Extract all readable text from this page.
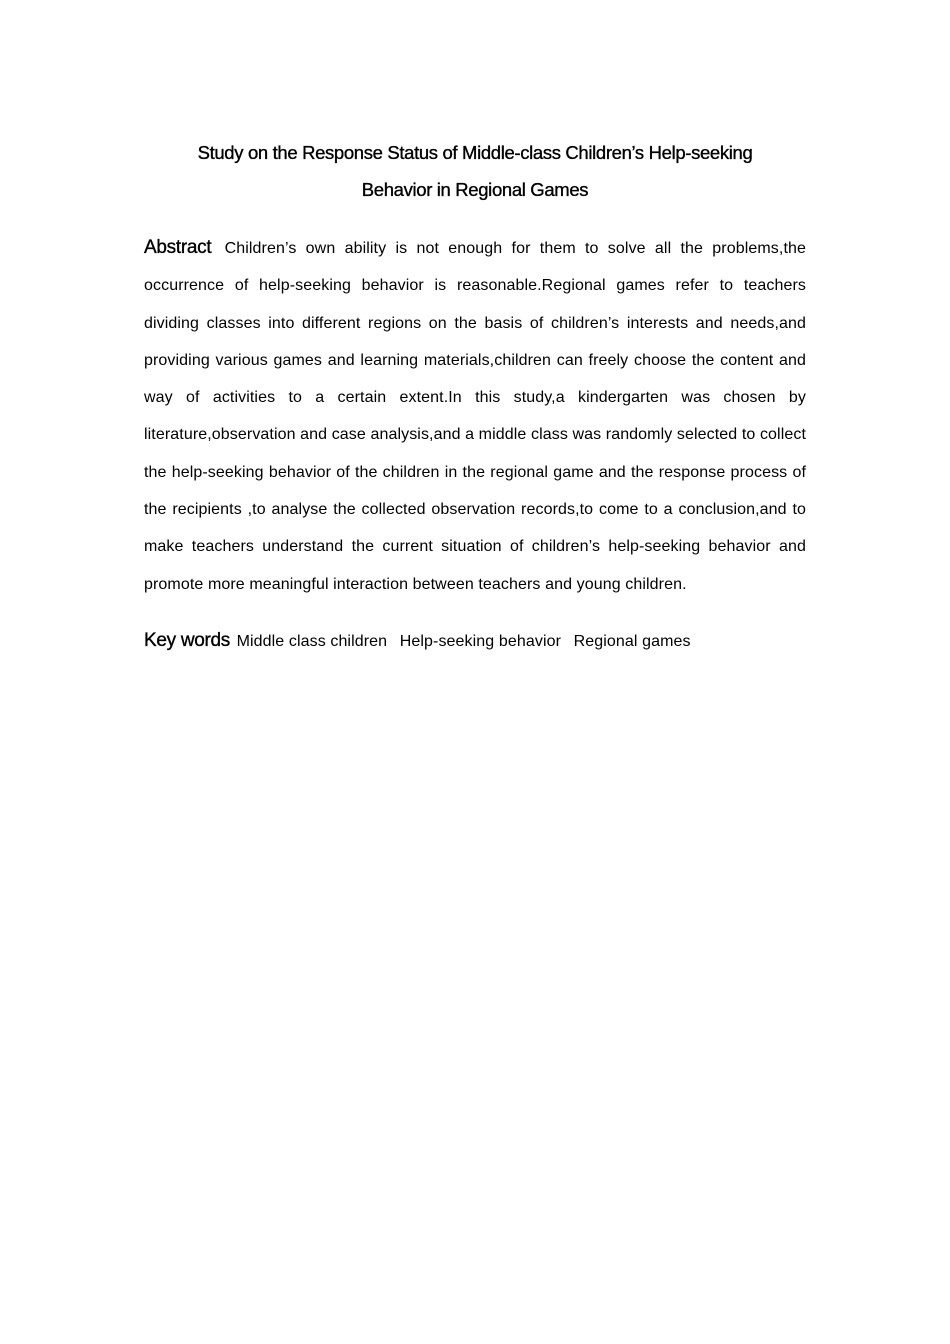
Study on the Response Status of Middle-class Children’s Help-seeking
Behavior in Regional Games

Abstract Children’s own ability is not enough for them to solve all the problems,the occurrence of help-seeking behavior is reasonable.Regional games refer to teachers dividing classes into different regions on the basis of children’s interests and needs,and providing various games and learning materials,children can freely choose the content and way of activities to a certain extent.In this study,a kindergarten was chosen by literature,observation and case analysis,and a middle class was randomly selected to collect the help-seeking behavior of the children in the regional game and the response process of the recipients ,to analyse the collected observation records,to come to a conclusion,and to make teachers understand the current situation of children’s help-seeking behavior and promote more meaningful interaction between teachers and young children.

Key words Middle class children Help-seeking behavior Regional games
